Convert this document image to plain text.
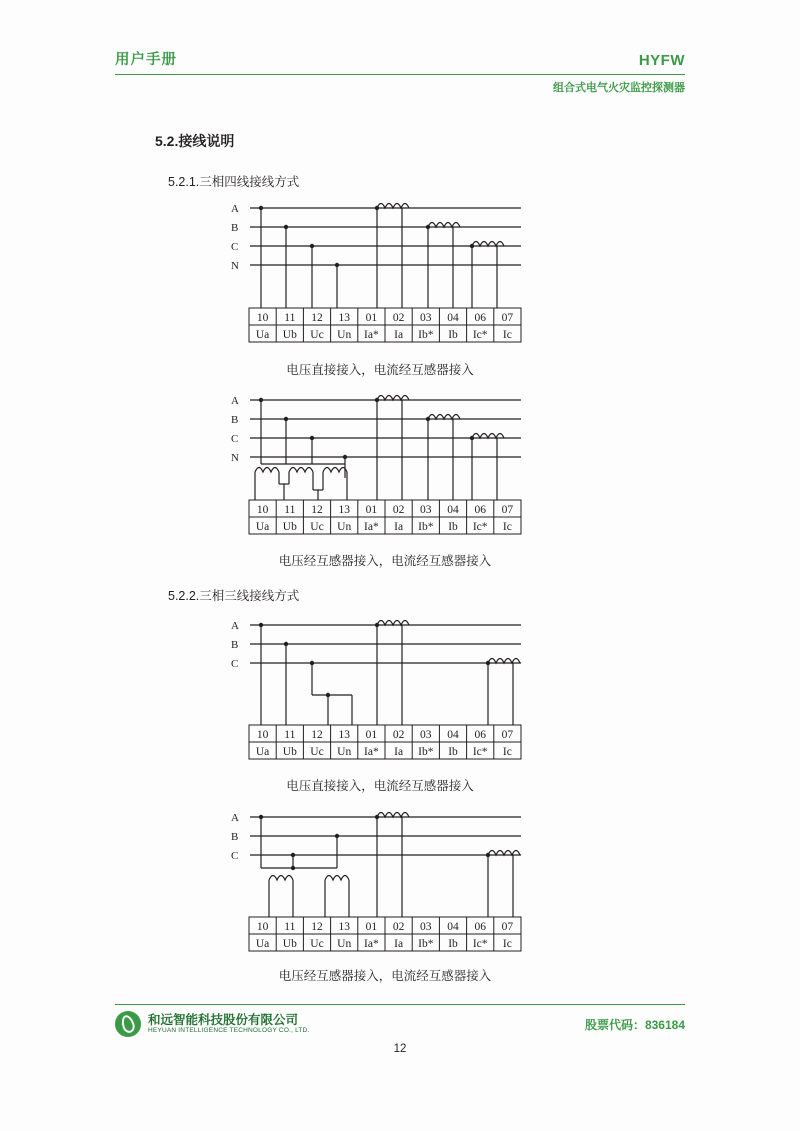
用户手册	HYFW
组合式电气火灾监控探测器
5.2.接线说明
5.2.1.三相四线接线方式
5.2.2.三相三线接线方式
A
B
C
N
10 11 12 13 01 02 03 04 06 07
Ua Ub Uc Un Ia* Ia Ib* Ib Ic* Ic
电压直接接入，电流经互感器接入
A
B
C
N
10 11 12 13 01 02 03 04 06 07
Ua Ub Uc Un Ia* Ia Ib* Ib Ic* Ic
电压经互感器接入，电流经互感器接入
A
B
C
10 11 12 13 01 02 03 04 06 07
Ua Ub Uc Un Ia* Ia Ib* Ib Ic* Ic
电压直接接入，电流经互感器接入
A
B
C
10 11 12 13 01 02 03 04 06 07
Ua Ub Uc Un Ia* Ia Ib* Ib Ic* Ic
电压经互感器接入，电流经互感器接入
和远智能科技股份有限公司
HEYUAN INTELLIGENCE TECHNOLOGY CO., LTD.	股票代码：836184
12
